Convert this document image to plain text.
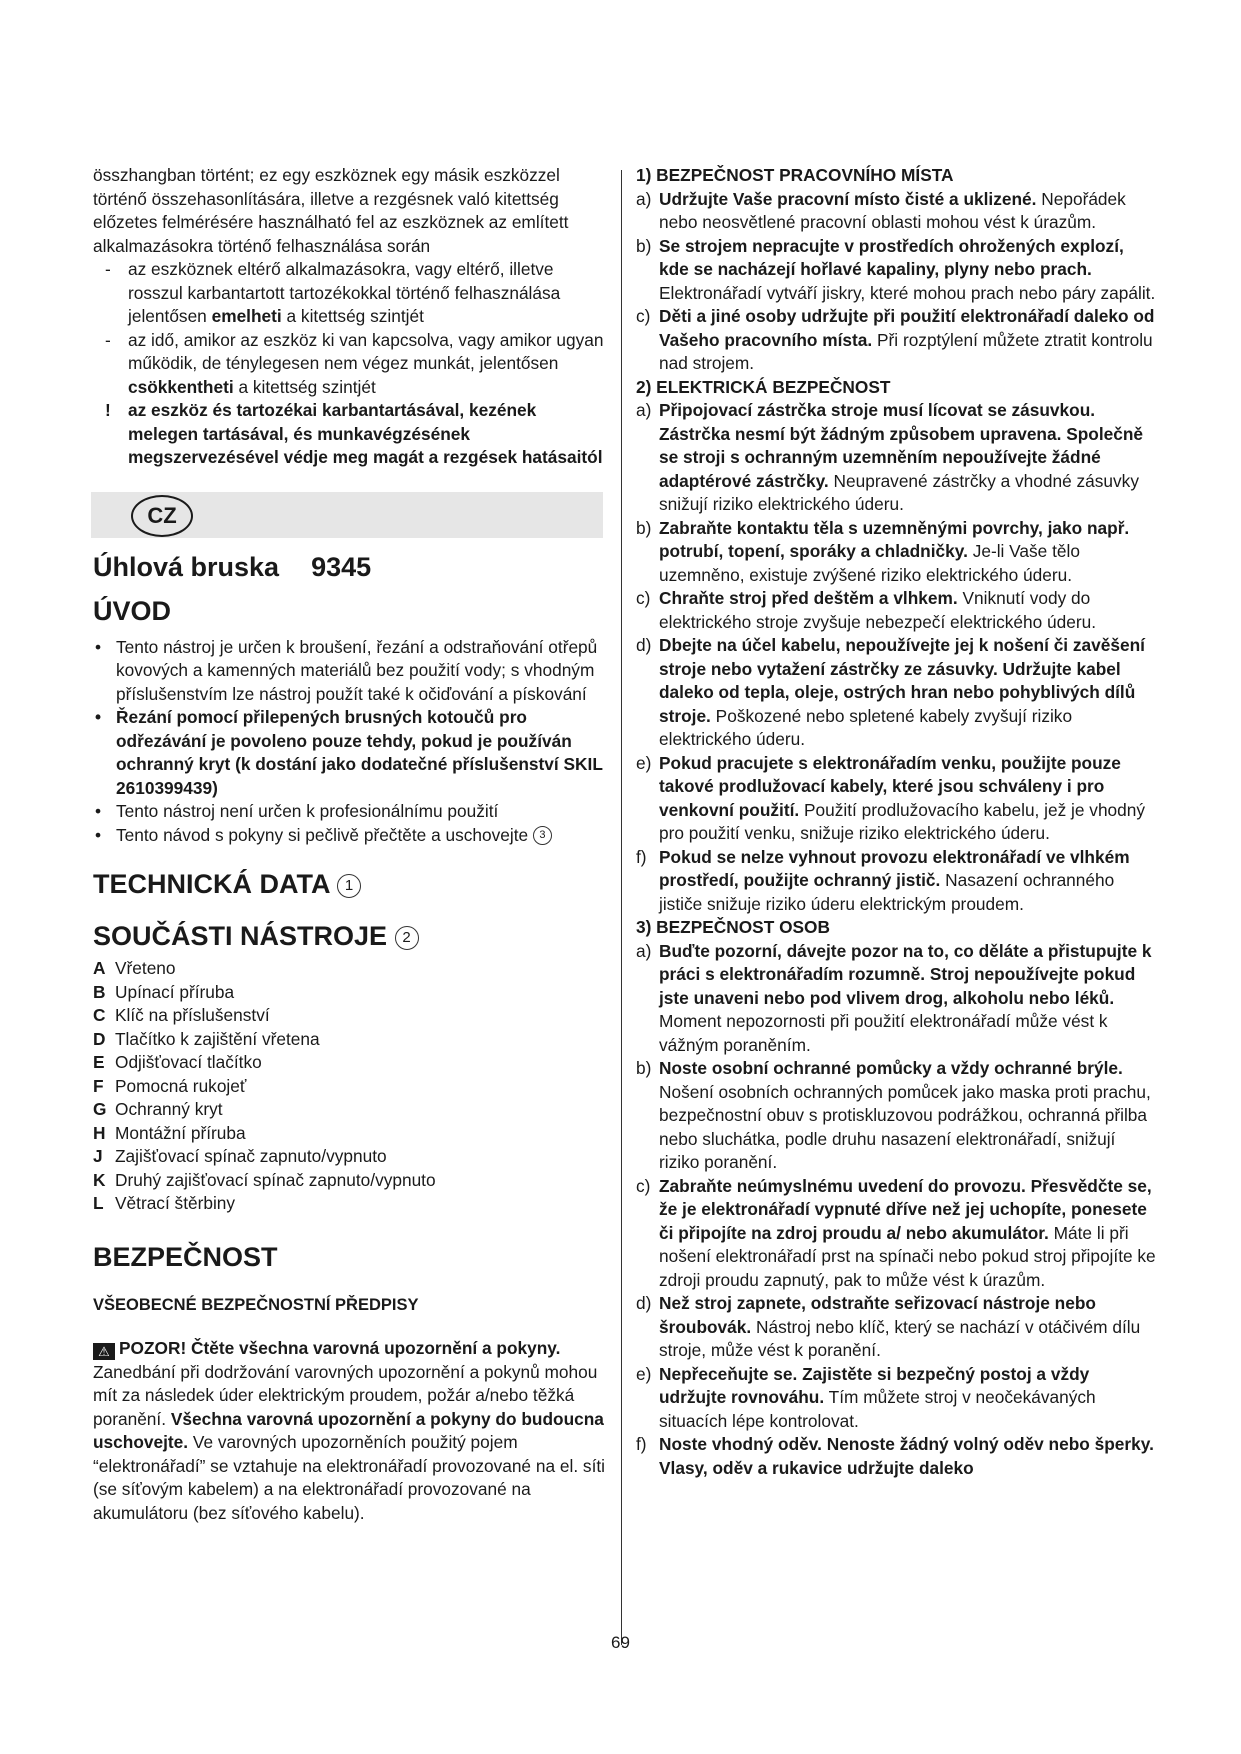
összhangban történt; ez egy eszköznek egy másik eszközzel történő összehasonlítására, illetve a rezgésnek való kitettség előzetes felmérésére használható fel az eszköznek az említett alkalmazásokra történő felhasználása során

- az eszköznek eltérő alkalmazásokra, vagy eltérő, illetve rosszul karbantartott tartozékokkal történő felhasználása jelentősen emelheti a kitettség szintjét
- az idő, amikor az eszköz ki van kapcsolva, vagy amikor ugyan működik, de ténylegesen nem végez munkát, jelentősen csökkentheti a kitettség szintjét
! az eszköz és tartozékai karbantartásával, kezének melegen tartásával, és munkavégzésének megszervezésével védje meg magát a rezgések hatásaitól
CZ
Úhlová bruska 9345
ÚVOD
• Tento nástroj je určen k broušení, řezání a odstraňování otřepů kovových a kamenných materiálů bez použití vody; s vhodným příslušenstvím lze nástroj použít také k očiďování a pískování
• Řezání pomocí přilepených brusných kotoučů pro odřezávání je povoleno pouze tehdy, pokud je používán ochranný kryt (k dostání jako dodatečné příslušenství SKIL 2610399439)
• Tento nástroj není určen k profesionálnímu použití
• Tento návod s pokyny si pečlivě přečtěte a uschovejte 3
TECHNICKÁ DATA 1
SOUČÁSTI NÁSTROJE 2
A Vřeteno
B Upínací příruba
C Klíč na příslušenství
D Tlačítko k zajištění vřetena
E Odjišťovací tlačítko
F Pomocná rukojeť
G Ochranný kryt
H Montážní příruba
J Zajišťovací spínač zapnuto/vypnuto
K Druhý zajišťovací spínač zapnuto/vypnuto
L Větrací štěrbiny
BEZPEČNOST

VŠEOBECNÉ BEZPEČNOSTNÍ PŘEDPISY

⚠ POZOR! Čtěte všechna varovná upozornění a pokyny. Zanedbání při dodržování varovných upozornění a pokynů mohou mít za následek úder elektrickým proudem, požár a/nebo těžká poranění. Všechna varovná upozornění a pokyny do budoucna uschovejte. Ve varovných upozorněních použitý pojem “elektronářadí” se vztahuje na elektronářadí provozované na el. síti (se síťovým kabelem) a na elektronářadí provozované na akumulátoru (bez síťového kabelu).

1) BEZPEČNOST PRACOVNÍHO MÍSTA

a) Udržujte Vaše pracovní místo čisté a uklizené. Nepořádek nebo neosvětlené pracovní oblasti mohou vést k úrazům.
b) Se strojem nepracujte v prostředích ohrožených explozí, kde se nacházejí hořlavé kapaliny, plyny nebo prach. Elektronářadí vytváří jiskry, které mohou prach nebo páry zapálit.
c) Děti a jiné osoby udržujte při použití elektronářadí daleko od Vašeho pracovního místa. Při rozptýlení můžete ztratit kontrolu nad strojem.

2) ELEKTRICKÁ BEZPEČNOST

a) Připojovací zástrčka stroje musí lícovat se zásuvkou. Zástrčka nesmí být žádným způsobem upravena. Společně se stroji s ochranným uzemněním nepoužívejte žádné adaptérové zástrčky. Neupravené zástrčky a vhodné zásuvky snižují riziko elektrického úderu.
b) Zabraňte kontaktu těla s uzemněnými povrchy, jako např. potrubí, topení, sporáky a chladničky. Je-li Vaše tělo uzemněno, existuje zvýšené riziko elektrického úderu.
c) Chraňte stroj před deštěm a vlhkem. Vniknutí vody do elektrického stroje zvyšuje nebezpečí elektrického úderu.
d) Dbejte na účel kabelu, nepoužívejte jej k nošení či zavěšení stroje nebo vytažení zástrčky ze zásuvky. Udržujte kabel daleko od tepla, oleje, ostrých hran nebo pohyblivých dílů stroje. Poškozené nebo spletené kabely zvyšují riziko elektrického úderu.
e) Pokud pracujete s elektronářadím venku, použijte pouze takové prodlužovací kabely, které jsou schváleny i pro venkovní použití. Použití prodlužovacího kabelu, jež je vhodný pro použití venku, snižuje riziko elektrického úderu.
f) Pokud se nelze vyhnout provozu elektronářadí ve vlhkém prostředí, použijte ochranný jistič. Nasazení ochranného jističe snižuje riziko úderu elektrickým proudem.

3) BEZPEČNOST OSOB

a) Buďte pozorní, dávejte pozor na to, co děláte a přistupujte k práci s elektronářadím rozumně. Stroj nepoužívejte pokud jste unaveni nebo pod vlivem drog, alkoholu nebo léků. Moment nepozornosti při použití elektronářadí může vést k vážným poraněním.
b) Noste osobní ochranné pomůcky a vždy ochranné brýle. Nošení osobních ochranných pomůcek jako maska proti prachu, bezpečnostní obuv s protiskluzovou podrážkou, ochranná přilba nebo sluchátka, podle druhu nasazení elektronářadí, snižují riziko poranění.
c) Zabraňte neúmyslnému uvedení do provozu. Přesvědčte se, že je elektronářadí vypnuté dříve než jej uchopíte, ponesete či připojíte na zdroj proudu a/ nebo akumulátor. Máte li při nošení elektronářadí prst na spínači nebo pokud stroj připojíte ke zdroji proudu zapnutý, pak to může vést k úrazům.
d) Než stroj zapnete, odstraňte seřizovací nástroje nebo šroubovák. Nástroj nebo klíč, který se nachází v otáčivém dílu stroje, může vést k poranění.
e) Nepřeceňujte se. Zajistěte si bezpečný postoj a vždy udržujte rovnováhu. Tím můžete stroj v neočekávaných situacích lépe kontrolovat.
f) Noste vhodný oděv. Nenoste žádný volný oděv nebo šperky. Vlasy, oděv a rukavice udržujte daleko
69
